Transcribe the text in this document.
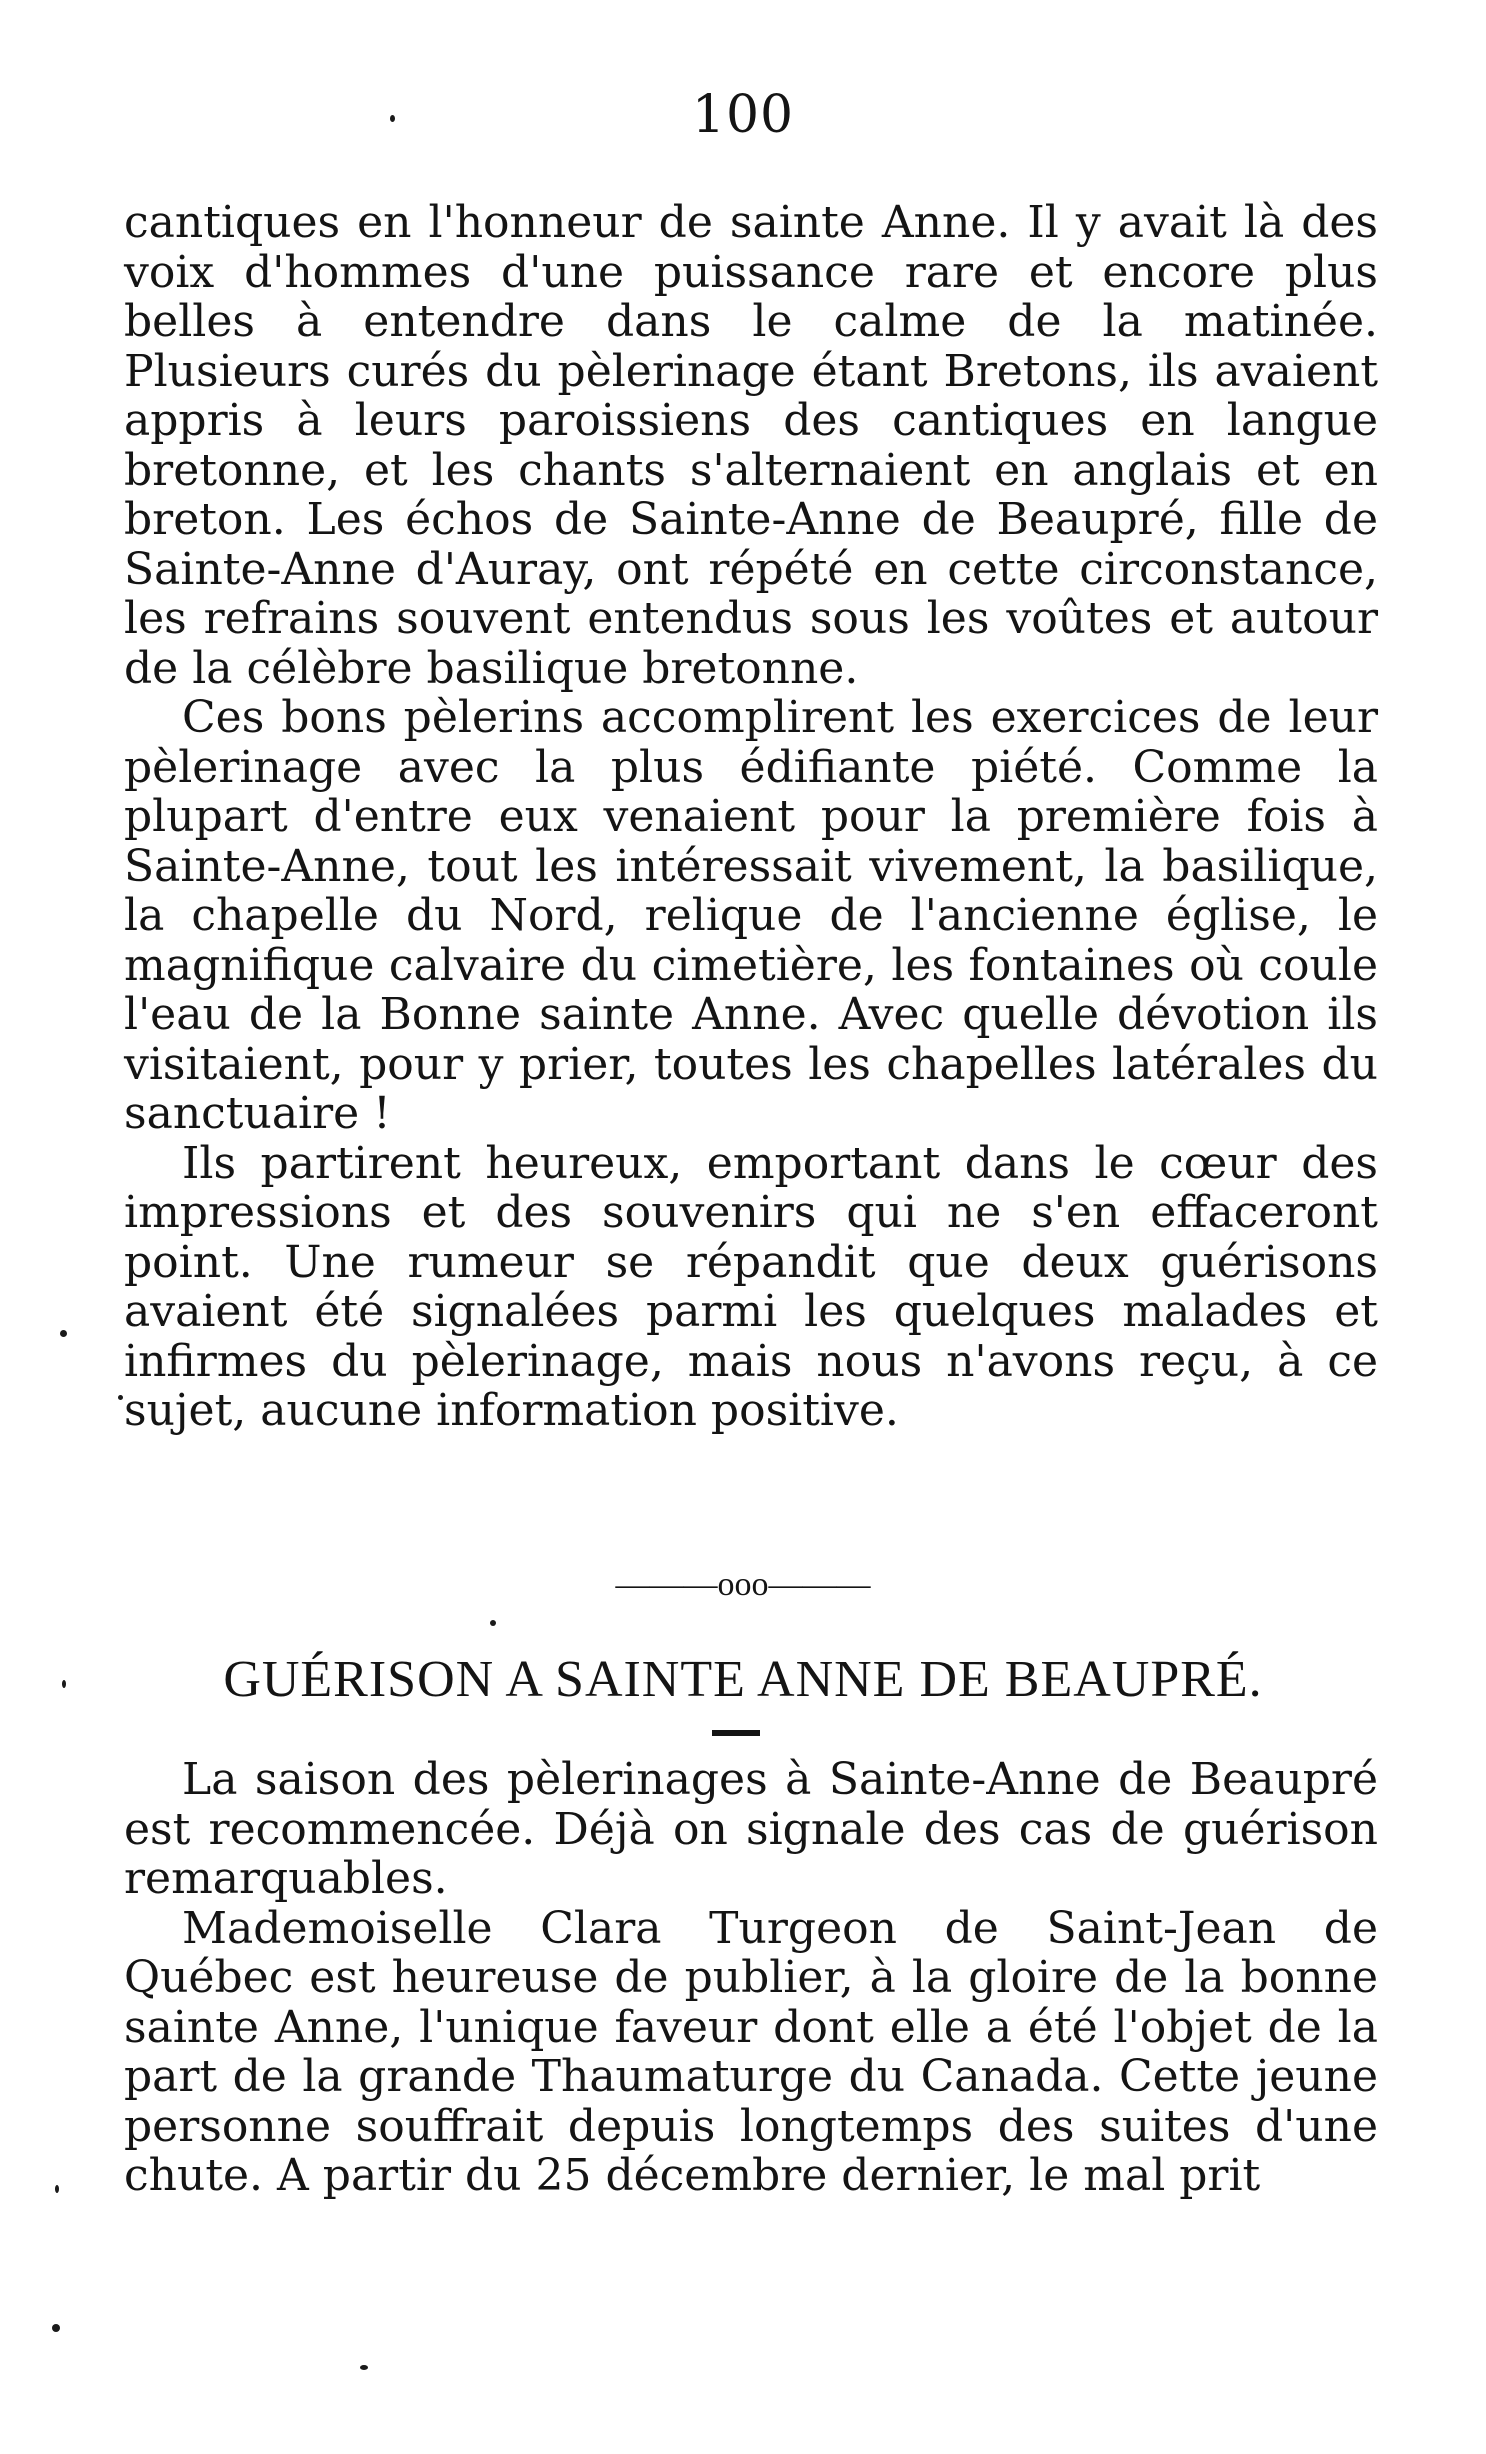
100

cantiques en l'honneur de sainte Anne. Il y avait là des voix d'hommes d'une puissance rare et encore plus belles à entendre dans le calme de la matinée. Plusieurs curés du pèlerinage étant Bretons, ils avaient appris à leurs paroissiens des cantiques en langue bretonne, et les chants s'alternaient en anglais et en breton. Les échos de Sainte-Anne de Beaupré, fille de Sainte-Anne d'Auray, ont répété en cette circonstance, les refrains souvent entendus sous les voûtes et autour de la célèbre basilique bretonne.

Ces bons pèlerins accomplirent les exercices de leur pèlerinage avec la plus édifiante piété. Comme la plupart d'entre eux venaient pour la première fois à Sainte-Anne, tout les intéressait vivement, la basilique, la chapelle du Nord, relique de l'ancienne église, le magnifique calvaire du cimetière, les fontaines où coule l'eau de la Bonne sainte Anne. Avec quelle dévotion ils visitaient, pour y prier, toutes les chapelles latérales du sanctuaire !

Ils partirent heureux, emportant dans le cœur des impressions et des souvenirs qui ne s'en effaceront point. Une rumeur se répandit que deux guérisons avaient été signalées parmi les quelques malades et infirmes du pèlerinage, mais nous n'avons reçu, à ce sujet, aucune information positive.

———ooo———
GUÉRISON A SAINTE ANNE DE BEAUPRÉ.

La saison des pèlerinages à Sainte-Anne de Beaupré est recommencée. Déjà on signale des cas de guérison remarquables.

Mademoiselle Clara Turgeon de Saint-Jean de Québec est heureuse de publier, à la gloire de la bonne sainte Anne, l'unique faveur dont elle a été l'objet de la part de la grande Thaumaturge du Canada. Cette jeune personne souffrait depuis longtemps des suites d'une chute. A partir du 25 décembre dernier, le mal prit
